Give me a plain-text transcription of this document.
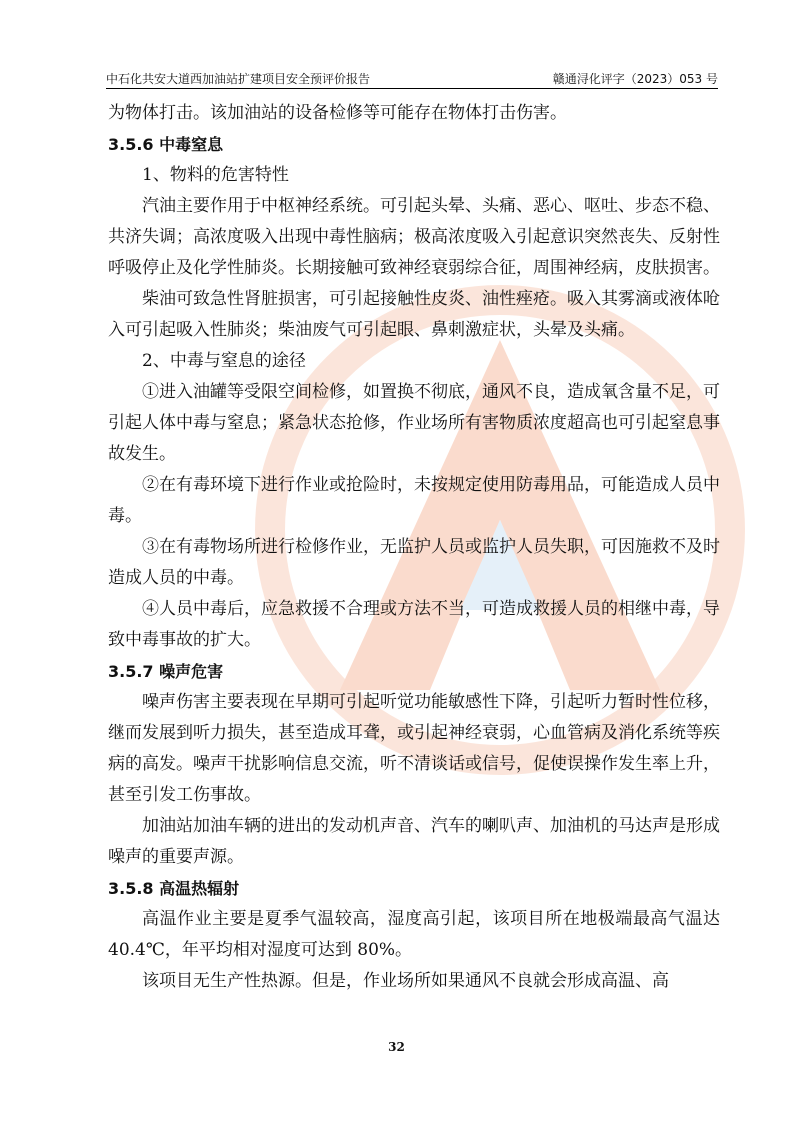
中石化共安大道西加油站扩建项目安全预评价报告	赣通浔化评字（2023）053 号

为物体打击。该加油站的设备检修等可能存在物体打击伤害。

3.5.6 中毒窒息

1、物料的危害特性

汽油主要作用于中枢神经系统。可引起头晕、头痛、恶心、呕吐、步态不稳、共济失调；高浓度吸入出现中毒性脑病；极高浓度吸入引起意识突然丧失、反射性呼吸停止及化学性肺炎。长期接触可致神经衰弱综合征，周围神经病，皮肤损害。

柴油可致急性肾脏损害，可引起接触性皮炎、油性痤疮。吸入其雾滴或液体呛入可引起吸入性肺炎；柴油废气可引起眼、鼻刺激症状，头晕及头痛。

2、中毒与窒息的途径

①进入油罐等受限空间检修，如置换不彻底，通风不良，造成氧含量不足，可引起人体中毒与窒息；紧急状态抢修，作业场所有害物质浓度超高也可引起窒息事故发生。

②在有毒环境下进行作业或抢险时，未按规定使用防毒用品，可能造成人员中毒。

③在有毒物场所进行检修作业，无监护人员或监护人员失职，可因施救不及时造成人员的中毒。

④人员中毒后，应急救援不合理或方法不当，可造成救援人员的相继中毒，导致中毒事故的扩大。

3.5.7 噪声危害

噪声伤害主要表现在早期可引起听觉功能敏感性下降，引起听力暂时性位移，继而发展到听力损失，甚至造成耳聋，或引起神经衰弱，心血管病及消化系统等疾病的高发。噪声干扰影响信息交流，听不清谈话或信号，促使误操作发生率上升，甚至引发工伤事故。

加油站加油车辆的进出的发动机声音、汽车的喇叭声、加油机的马达声是形成噪声的重要声源。

3.5.8 高温热辐射

高温作业主要是夏季气温较高，湿度高引起，该项目所在地极端最高气温达 40.4℃，年平均相对湿度可达到 80%。

该项目无生产性热源。但是，作业场所如果通风不良就会形成高温、高

32
